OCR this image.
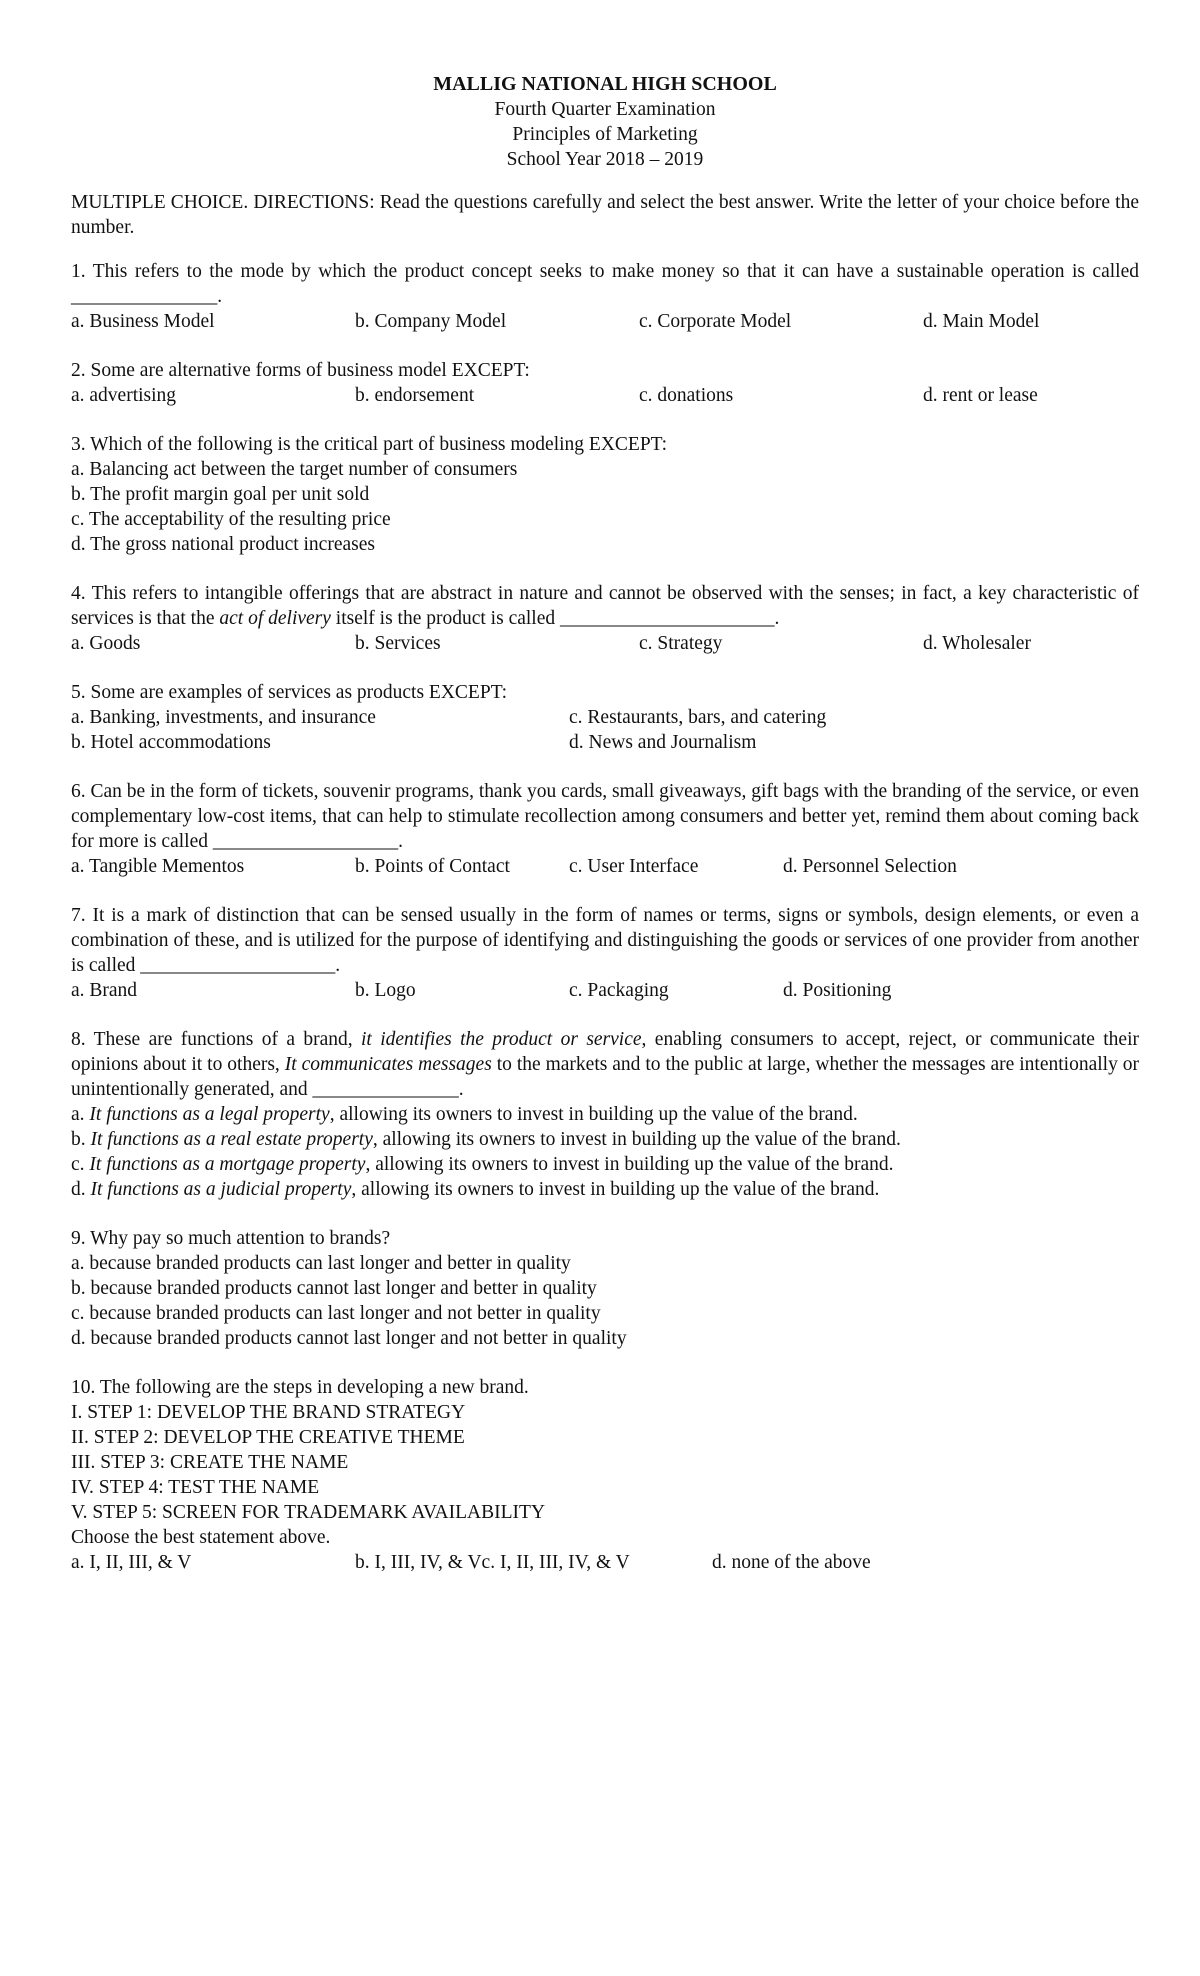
MALLIG NATIONAL HIGH SCHOOL
Fourth Quarter Examination
Principles of Marketing
School Year 2018 – 2019
MULTIPLE CHOICE. DIRECTIONS: Read the questions carefully and select the best answer. Write the letter of your choice before the number.
1. This refers to the mode by which the product concept seeks to make money so that it can have a sustainable operation is called _______________.
a. Business Model	b. Company Model	c. Corporate Model	d. Main Model
2. Some are alternative forms of business model EXCEPT:
a. advertising	b. endorsement	c. donations	d. rent or lease
3. Which of the following is the critical part of business modeling EXCEPT:
a. Balancing act between the target number of consumers
b. The profit margin goal per unit sold
c. The acceptability of the resulting price
d. The gross national product increases
4. This refers to intangible offerings that are abstract in nature and cannot be observed with the senses; in fact, a key characteristic of services is that the act of delivery itself is the product is called ______________________.
a. Goods	b. Services	c. Strategy	d. Wholesaler
5. Some are examples of services as products EXCEPT:
a. Banking, investments, and insurance
b. Hotel accommodations
c. Restaurants, bars, and catering
d. News and Journalism
6. Can be in the form of tickets, souvenir programs, thank you cards, small giveaways, gift bags with the branding of the service, or even complementary low-cost items, that can help to stimulate recollection among consumers and better yet, remind them about coming back for more is called ___________________.
a. Tangible Mementos	b. Points of Contact	c. User Interface	d. Personnel Selection
7. It is a mark of distinction that can be sensed usually in the form of names or terms, signs or symbols, design elements, or even a combination of these, and is utilized for the purpose of identifying and distinguishing the goods or services of one provider from another is called ____________________.
a. Brand	b. Logo	c. Packaging	d. Positioning
8. These are functions of a brand, it identifies the product or service, enabling consumers to accept, reject, or communicate their opinions about it to others, It communicates messages to the markets and to the public at large, whether the messages are intentionally or unintentionally generated, and _______________.
a. It functions as a legal property, allowing its owners to invest in building up the value of the brand.
b. It functions as a real estate property, allowing its owners to invest in building up the value of the brand.
c. It functions as a mortgage property, allowing its owners to invest in building up the value of the brand.
d. It functions as a judicial property, allowing its owners to invest in building up the value of the brand.
9. Why pay so much attention to brands?
a. because branded products can last longer and better in quality
b. because branded products cannot last longer and better in quality
c. because branded products can last longer and not better in quality
d. because branded products cannot last longer and not better in quality
10. The following are the steps in developing a new brand.
I. STEP 1: DEVELOP THE BRAND STRATEGY
II. STEP 2: DEVELOP THE CREATIVE THEME
III. STEP 3: CREATE THE NAME
IV. STEP 4: TEST THE NAME
V. STEP 5: SCREEN FOR TRADEMARK AVAILABILITY
Choose the best statement above.
a. I, II, III, & V	b. I, III, IV, & Vc. I, II, III, IV, & V	d. none of the above
